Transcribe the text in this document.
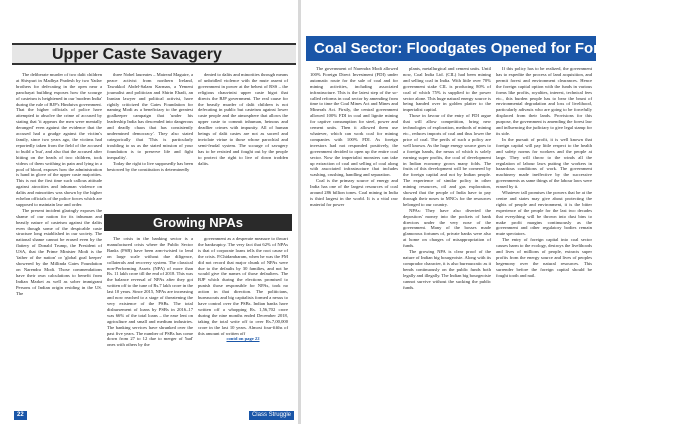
Upper Caste Savagery

The deliberate murder of two dalit children at Shivpuri in Madhya Pradesh by two Yadav brothers for defecating in the open near a panchayat building exposes how the scourge of casteism is heightened in our 'modern India' during the rule of BJP's Hindutva government. That the higher officials of police have attempted to absolve the crime of accused by stating that 'it appears the men were mentally deranged' even against the evidence that the accused had a grudge against the victim's family, since two years ago, the victims had reportedly taken from the field of the accused to build a 'hut', and also that the accused after hitting on the heads of two children, took videos of them writhing in pain and lying in a pool of blood, exposes how the administration is hand in glove of the upper caste majorities. This is not the first time such callous attitude against atrocities and inhuman violence on dalits and minorities was shown by the higher echelon officials of the police forces which are supposed to maintain law and order.

The present incident glaringly exposes the shame of our nation for its inhuman and beastly nature of casteism against the dalits even though some of the despicable caste structure long established in our society. The national shame cannot be erased even by the flattery of Donald Trump, the President of USA, that the Prime Minister Modi is the 'father of the nation' or 'global goal keeper' showered by the Millinda Gates Foundation on Narendra Modi. Those commendations have their own calculations to benefit from Indian Market as well as sober immigrant Persons of Indian origin residing in the US. The

three Nobel laureates – Mairead Maguire, a peace activist from northern Ireland, Tawakkol Abdel-Salam Karman, a Yemeni journalist and politician and Shirin Ebadi, an Iranian lawyer and political activist, have rightly criticized the Gates Foundation for naming Modi as a beneficiary to the greatest goalkeeper campaign that 'under his leadership India has descended into dangerous and deadly chaos that has consistently undermined democracy'. They also stated categorically that 'This is particularly troubling to us as the stated mission of your foundation is to preserve life and fight inequality'.

Today the right to live supposedly has been bestowed by the constitution is determinedly

denied to dalits and minorities through means of unbridled violence with the mute assent of government in power at the behest of RSS – the religious chauvinist upper caste bigot that directs the BJP government. The real cause for the beastly murder of dalit children is not defecating in public but casteism against lower caste people and the atmosphere that allows the upper caste to commit inhuman, heinous and deadlier crimes with impunity. All of human beings of dalit castes are not as sacred and inviolate virtue to those whose parochial and semi-feudal system. The scourge of savagery has to be resisted and fought out by the people to protect the right to live of down trodden dalits.

Growing NPAs

The crisis in the banking sector is a manufactured crisis where the Public Sector Banks (PSB) have been arm-twisted to lend on large scale without due diligence, collaterals and recovery system. The classical non-Performing Assets (NPA) of more than Rs. 11 lakh crore till the end of 2018. This was the balance reversal of NPAs after they got written off to the tune of Rs.7 lakh crore in the last 10 years. Since 2015, NPAs are increasing and now reached to a stage of threatening the very existence of the PSBs. The total disbursement of loans by PSBs in 2016–17 was 66% of the total loans – the ease lent on agriculture and small and medium industries. The banking services have shrunked over the past five years. The number of PSBs has come down from 27 to 12 due to merger of 'bad' ones with others by the

government as a desperate measure to thwart the bankruptcy. The very fact that 62% of NPAs is that of corporate loans tells the root cause of the crisis. P.Chidambaram, when he was the FM did not record that major chunk of NPAs were due to the defaults by 30 families, and not he would give the names of those defaulters. The BJP which during the elections promised to punish those responsible for NPAs, took no action in that direction. The politicians, bureaucrats and big capitalists formed a nexus to have control over the PSBs. Indian banks have written off a whopping Rs. 1,56,702 crore during the nine months ended December 2018, taking the total write off to over Rs.7,00,000 crore in the last 10 years. Almost four-fifths of this amount of written off

contd on page 22
22	Class Struggle
Coal Sector: Floodgates Opened for Foreign Capital

The government of Narendra Modi allowed 100% Foreign Direct Investment (FDI) under automatic route for the sale of coal and for mining activities, including associated infrastructure. This is the latest step of the so-called reforms in coal sector by amending from time to time the Coal Mines Act and Mines and Minerals Act. Firstly, the central government allowed 100% FDI in coal and lignite mining for captive consumption for steel, power and cement units. Then it allowed them use whatever, which can work coal for mining companies with 100% FDI. As foreign investors had not responded positively, the government decided to open up the entire coal sector. Now the imperialist monsters can take up extraction of coal and selling of coal along with associated infrastructure that includes washing, crushing, handling and separation.

Coal is the primary source of energy and India has one of the largest resources of coal around 286 billion tones. Coal mining in India is third largest in the world. It is a vital raw material for power

plants, metallurgical and cement units. Until now, Coal India Ltd. (CIL) had been mining and selling coal in India. With little over 70% government stake CIL is producing 80% of coal of which 75% is supplied to the power sector alone. This huge natural energy source is being handed over in golden platter to the imperialist capital.

Those in favour of the entry of FDI argue that will allow competition, bring new technologies of exploration, methods of mining etc., reduces imports of coal and thus lower the price of coal. The perils of such a policy are well known. As the huge energy source goes to a foreign hands, the nexus of which is solely earning super profits, the coal of development in Indian economy grows many folds. The fruits of this development will be cornered by the foreign capital and not by Indian people. The experience of similar policy in other mining resources, oil and gas exploration, showed that the people of India have to pay through their noses to MNCs for the resources belonged to our country.

NPAs: They have also diverted the depositors' money into the pockets of bank directors under the very nose of the government. Many of the bosses made glamorous fortunes of, private banks were also at home on charges of misappropriation of funds.

The growing NPA is clear proof of the nature of Indian big bourgeoisie. Along with its comprador character, it is also bureaucratic as it bends continuously on the public funds both legally and illegally. The Indian big bourgeoisie cannot survive without the sucking the public funds.

If this policy has to be realized, the government has to expedite the process of land acquisition, and permit forest and environment clearances. Hence the foreign capital option with the funds in various forms like profits, royalties, interest, technical fees etc., this burden people has to bear the brunt of environmental degradation and loss of livelihood, particularly adivasis who are going to be forcefully displaced from their lands. Provisions for this purpose, the government is amending the forest law and influencing the judiciary to give legal stamp for its side.

In the pursuit of profit, it is well known that foreign capital will pay little respect to the health and safety norms for workers and the people at large. They will throw to the winds all the regulation of labour laws putting the workers in hazardous conditions of work. The government machinery made ineffective by the successive governments as same things of the labour laws were erased by it.

Whatever tall promises the powers that be at the centre and states may give about protecting the rights of people and environment, it is the bitter experience of the people for the last two decades that everything will be thrown into dust bins to make profit margins continuously as the government and other regulatory bodies remain mute spectators.

The entry of foreign capital into coal sector causes harm to the ecology, destroys the livelihoods and lives of millions of people, extracts super profits from the energy source and lives of peoples hegemony over the natural resources. This surrender before the foreign capital should be fought tooth and nail.
